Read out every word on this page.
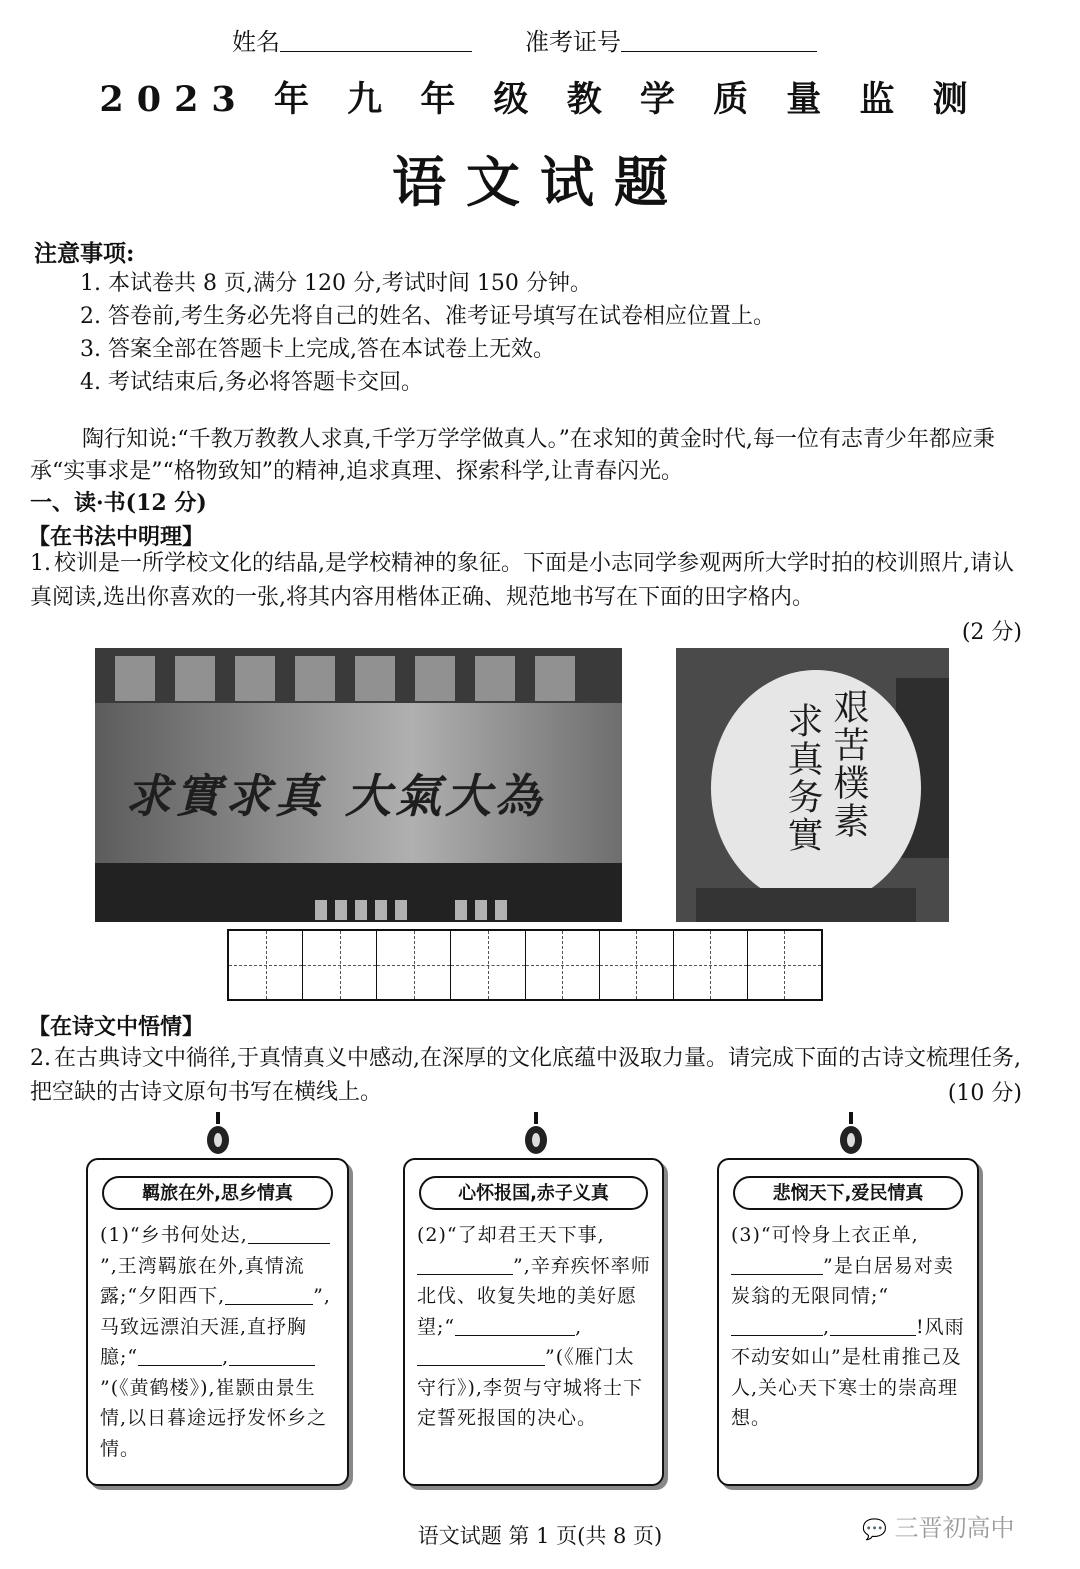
姓名	准考证号
2023 年 九 年 级 教 学 质 量 监 测
语文试题
注意事项:
1. 本试卷共 8 页,满分 120 分,考试时间 150 分钟。
2. 答卷前,考生务必先将自己的姓名、准考证号填写在试卷相应位置上。
3. 答案全部在答题卡上完成,答在本试卷上无效。
4. 考试结束后,务必将答题卡交回。
陶行知说:“千教万教教人求真,千学万学学做真人。”在求知的黄金时代,每一位有志青少年都应秉承“实事求是”“格物致知”的精神,追求真理、探索科学,让青春闪光。
一、读·书(12 分)
【在书法中明理】
1. 校训是一所学校文化的结晶,是学校精神的象征。下面是小志同学参观两所大学时拍的校训照片,请认真阅读,选出你喜欢的一张,将其内容用楷体正确、规范地书写在下面的田字格内。
(2 分)
求實求真 大氣大為	艰苦樸素
求真务實
【在诗文中悟情】
2. 在古典诗文中徜徉,于真情真义中感动,在深厚的文化底蕴中汲取力量。请完成下面的古诗文梳理任务,把空缺的古诗文原句书写在横线上。	(10 分)
羁旅在外,思乡情真
(1)“乡书何处达,”,王湾羁旅在外,真情流露;“夕阳西下,	”,马致远漂泊天涯,直抒胸臆;“	,”(《黄鹤楼》),崔颢由景生情,以日暮途远抒发怀乡之情。
心怀报国,赤子义真
(2)“了却君王天下事,”,辛弃疾怀率师北伐、收复失地的美好愿望;“	,”(《雁门太守行》),李贺与守城将士下定誓死报国的决心。
悲悯天下,爱民情真
(3)“可怜身上衣正单,”是白居易对卖炭翁的无限同情;“,	!风雨不动安如山”是杜甫推己及人,关心天下寒士的崇高理想。
语文试题 第 1 页(共 8 页)	💬 三晋初高中
